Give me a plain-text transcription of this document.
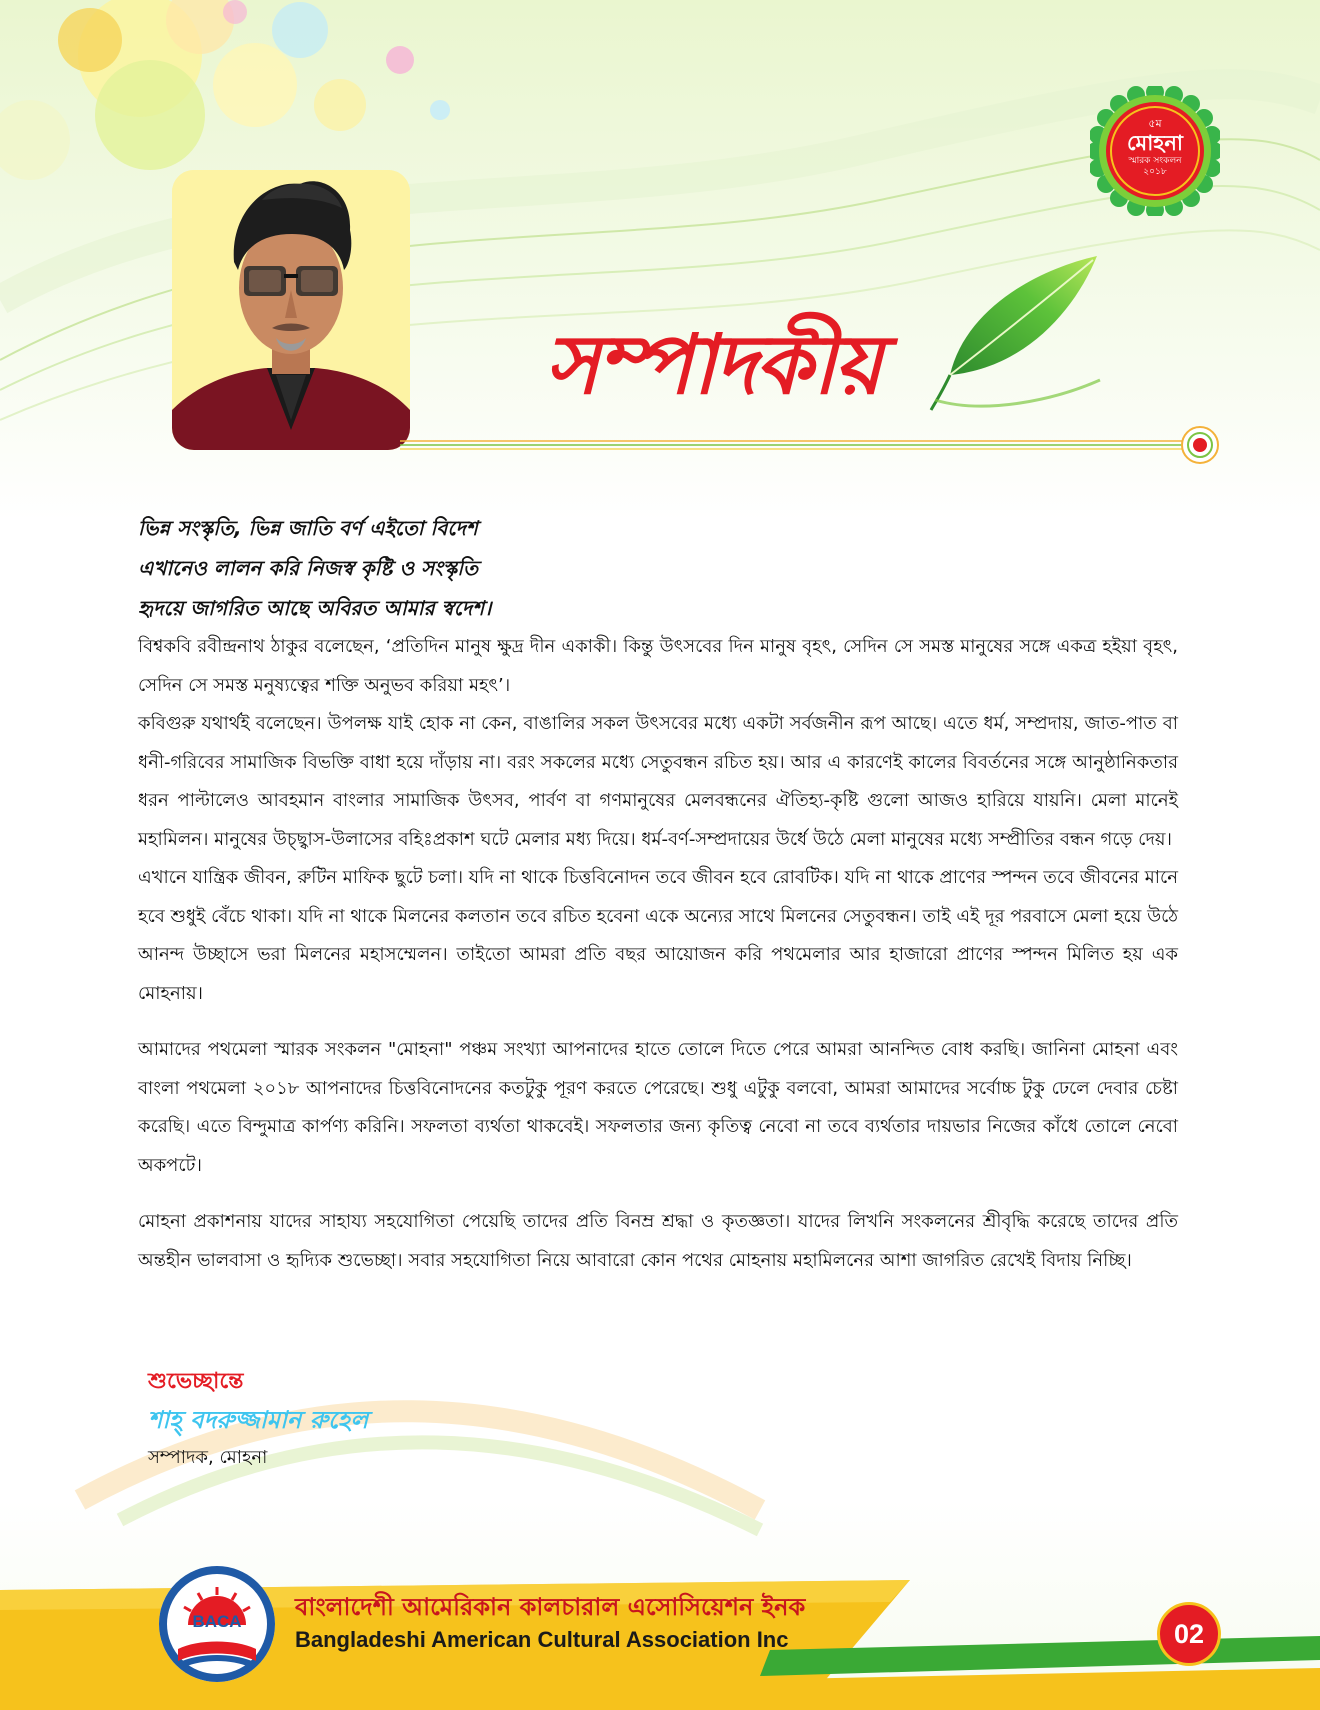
৫ম
মোহনা
স্মারক সংকলন
২০১৮
সম্পাদকীয়
ভিন্ন সংস্কৃতি, ভিন্ন জাতি বর্ণ এইতো বিদেশ
এখানেও লালন করি নিজস্ব কৃষ্টি ও সংস্কৃতি
হৃদয়ে জাগরিত আছে অবিরত আমার স্বদেশ।

বিশ্বকবি রবীন্দ্রনাথ ঠাকুর বলেছেন, ‘প্রতিদিন মানুষ ক্ষুদ্র দীন একাকী। কিন্তু উৎসবের দিন মানুষ বৃহৎ, সেদিন সে সমস্ত মানুষের সঙ্গে একত্র হইয়া বৃহৎ, সেদিন সে সমস্ত মনুষ্যত্বের শক্তি অনুভব করিয়া মহৎ’।

কবিগুরু যথার্থই বলেছেন। উপলক্ষ যাই হোক না কেন, বাঙালির সকল উৎসবের মধ্যে একটা সর্বজনীন রূপ আছে। এতে ধর্ম, সম্প্রদায়, জাত-পাত বা ধনী-গরিবের সামাজিক বিভক্তি বাধা হয়ে দাঁড়ায় না। বরং সকলের মধ্যে সেতুবন্ধন রচিত হয়। আর এ কারণেই কালের বিবর্তনের সঙ্গে আনুষ্ঠানিকতার ধরন পাল্টালেও আবহমান বাংলার সামাজিক উৎসব, পার্বণ বা গণমানুষের মেলবন্ধনের ঐতিহ্য-কৃষ্টি গুলো আজও হারিয়ে যায়নি। মেলা মানেই মহামিলন। মানুষের উচ্ছ্বাস-উলাসের বহিঃপ্রকাশ ঘটে মেলার মধ্য দিয়ে। ধর্ম-বর্ণ-সম্প্রদায়ের উর্ধে উঠে মেলা মানুষের মধ্যে সম্প্রীতির বন্ধন গড়ে দেয়।

এখানে যান্ত্রিক জীবন, রুটিন মাফিক ছুটে চলা। যদি না থাকে চিত্তবিনোদন তবে জীবন হবে রোবটিক। যদি না থাকে প্রাণের স্পন্দন তবে জীবনের মানে হবে শুধুই বেঁচে থাকা। যদি না থাকে মিলনের কলতান তবে রচিত হবেনা একে অন্যের সাথে মিলনের সেতুবন্ধন। তাই এই দূর পরবাসে মেলা হয়ে উঠে আনন্দ উচ্ছাসে ভরা মিলনের মহাসম্মেলন। তাইতো আমরা প্রতি বছর আয়োজন করি পথমেলার আর হাজারো প্রাণের স্পন্দন মিলিত হয় এক মোহনায়।

আমাদের পথমেলা স্মারক সংকলন "মোহনা" পঞ্চম সংখ্যা আপনাদের হাতে তোলে দিতে পেরে আমরা আনন্দিত বোধ করছি। জানিনা মোহনা এবং বাংলা পথমেলা ২০১৮ আপনাদের চিত্তবিনোদনের কতটুকু পূরণ করতে পেরেছে। শুধু এটুকু বলবো, আমরা আমাদের সর্বোচ্চ টুকু ঢেলে দেবার চেষ্টা করেছি। এতে বিন্দুমাত্র কার্পণ্য করিনি। সফলতা ব্যর্থতা থাকবেই। সফলতার জন্য কৃতিত্ব নেবো না তবে ব্যর্থতার দায়ভার নিজের কাঁধে তোলে নেবো অকপটে।

মোহনা প্রকাশনায় যাদের সাহায্য সহযোগিতা পেয়েছি তাদের প্রতি বিনম্র শ্রদ্ধা ও কৃতজ্ঞতা। যাদের লিখনি সংকলনের শ্রীবৃদ্ধি করেছে তাদের প্রতি অন্তহীন ভালবাসা ও হৃদ্যিক শুভেচ্ছা। সবার সহযোগিতা নিয়ে আবারো কোন পথের মোহনায় মহামিলনের আশা জাগরিত রেখেই বিদায় নিচ্ছি।

শুভেচ্ছান্তে
শাহ্ বদরুজ্জামান রুহেল
সম্পাদক, মোহনা
বাংলাদেশী আমেরিকান কালচারাল এসোসিয়েশন ইনক
Bangladeshi American Cultural Association Inc	02
BACA
